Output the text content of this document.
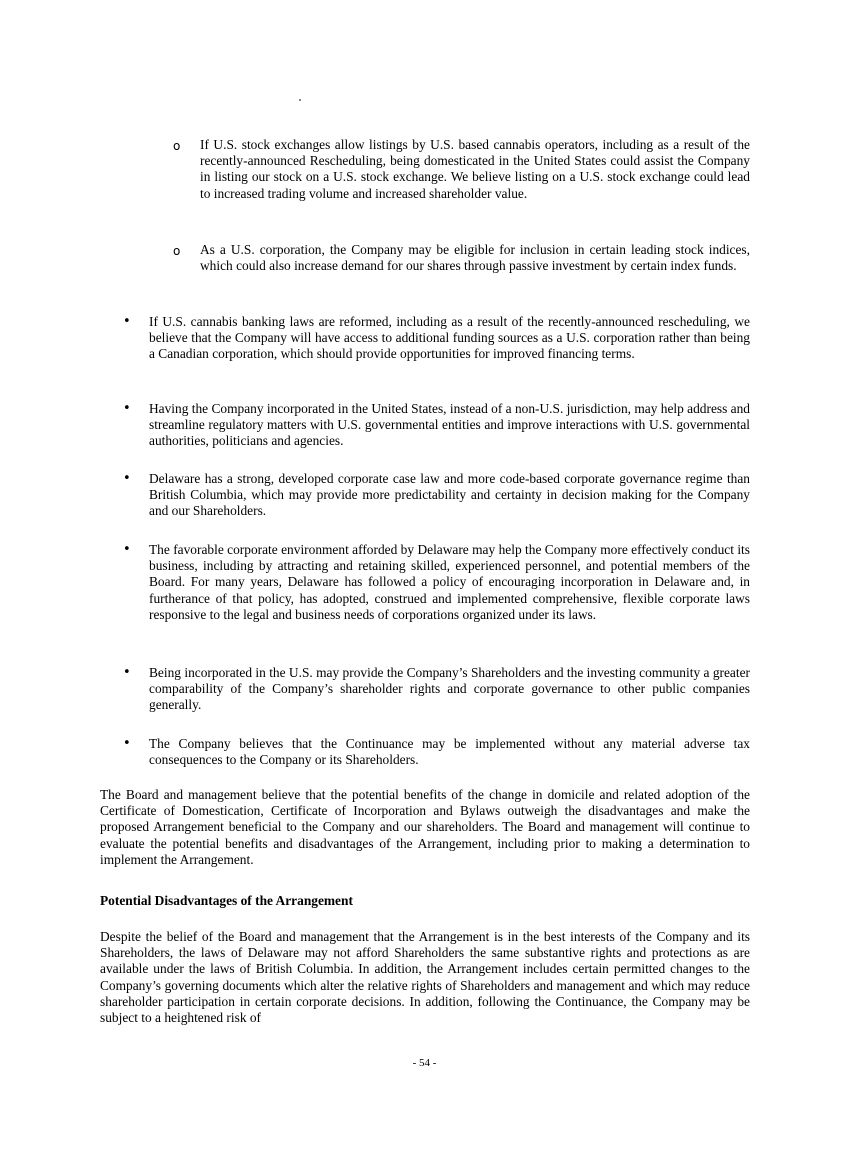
o	If U.S. stock exchanges allow listings by U.S. based cannabis operators, including as a result of the recently-announced Rescheduling, being domesticated in the United States could assist the Company in listing our stock on a U.S. stock exchange. We believe listing on a U.S. stock exchange could lead to increased trading volume and increased shareholder value.

o	As a U.S. corporation, the Company may be eligible for inclusion in certain leading stock indices, which could also increase demand for our shares through passive investment by certain index funds.

•	If U.S. cannabis banking laws are reformed, including as a result of the recently-announced rescheduling, we believe that the Company will have access to additional funding sources as a U.S. corporation rather than being a Canadian corporation, which should provide opportunities for improved financing terms.

•	Having the Company incorporated in the United States, instead of a non-U.S. jurisdiction, may help address and streamline regulatory matters with U.S. governmental entities and improve interactions with U.S. governmental authorities, politicians and agencies.

•	Delaware has a strong, developed corporate case law and more code-based corporate governance regime than British Columbia, which may provide more predictability and certainty in decision making for the Company and our Shareholders.

•	The favorable corporate environment afforded by Delaware may help the Company more effectively conduct its business, including by attracting and retaining skilled, experienced personnel, and potential members of the Board. For many years, Delaware has followed a policy of encouraging incorporation in Delaware and, in furtherance of that policy, has adopted, construed and implemented comprehensive, flexible corporate laws responsive to the legal and business needs of corporations organized under its laws.

•	Being incorporated in the U.S. may provide the Company’s Shareholders and the investing community a greater comparability of the Company’s shareholder rights and corporate governance to other public companies generally.

•	The Company believes that the Continuance may be implemented without any material adverse tax consequences to the Company or its Shareholders.

The Board and management believe that the potential benefits of the change in domicile and related adoption of the Certificate of Domestication, Certificate of Incorporation and Bylaws outweigh the disadvantages and make the proposed Arrangement beneficial to the Company and our shareholders. The Board and management will continue to evaluate the potential benefits and disadvantages of the Arrangement, including prior to making a determination to implement the Arrangement.

Potential Disadvantages of the Arrangement

Despite the belief of the Board and management that the Arrangement is in the best interests of the Company and its Shareholders, the laws of Delaware may not afford Shareholders the same substantive rights and protections as are available under the laws of British Columbia. In addition, the Arrangement includes certain permitted changes to the Company’s governing documents which alter the relative rights of Shareholders and management and which may reduce shareholder participation in certain corporate decisions. In addition, following the Continuance, the Company may be subject to a heightened risk of

- 54 -
